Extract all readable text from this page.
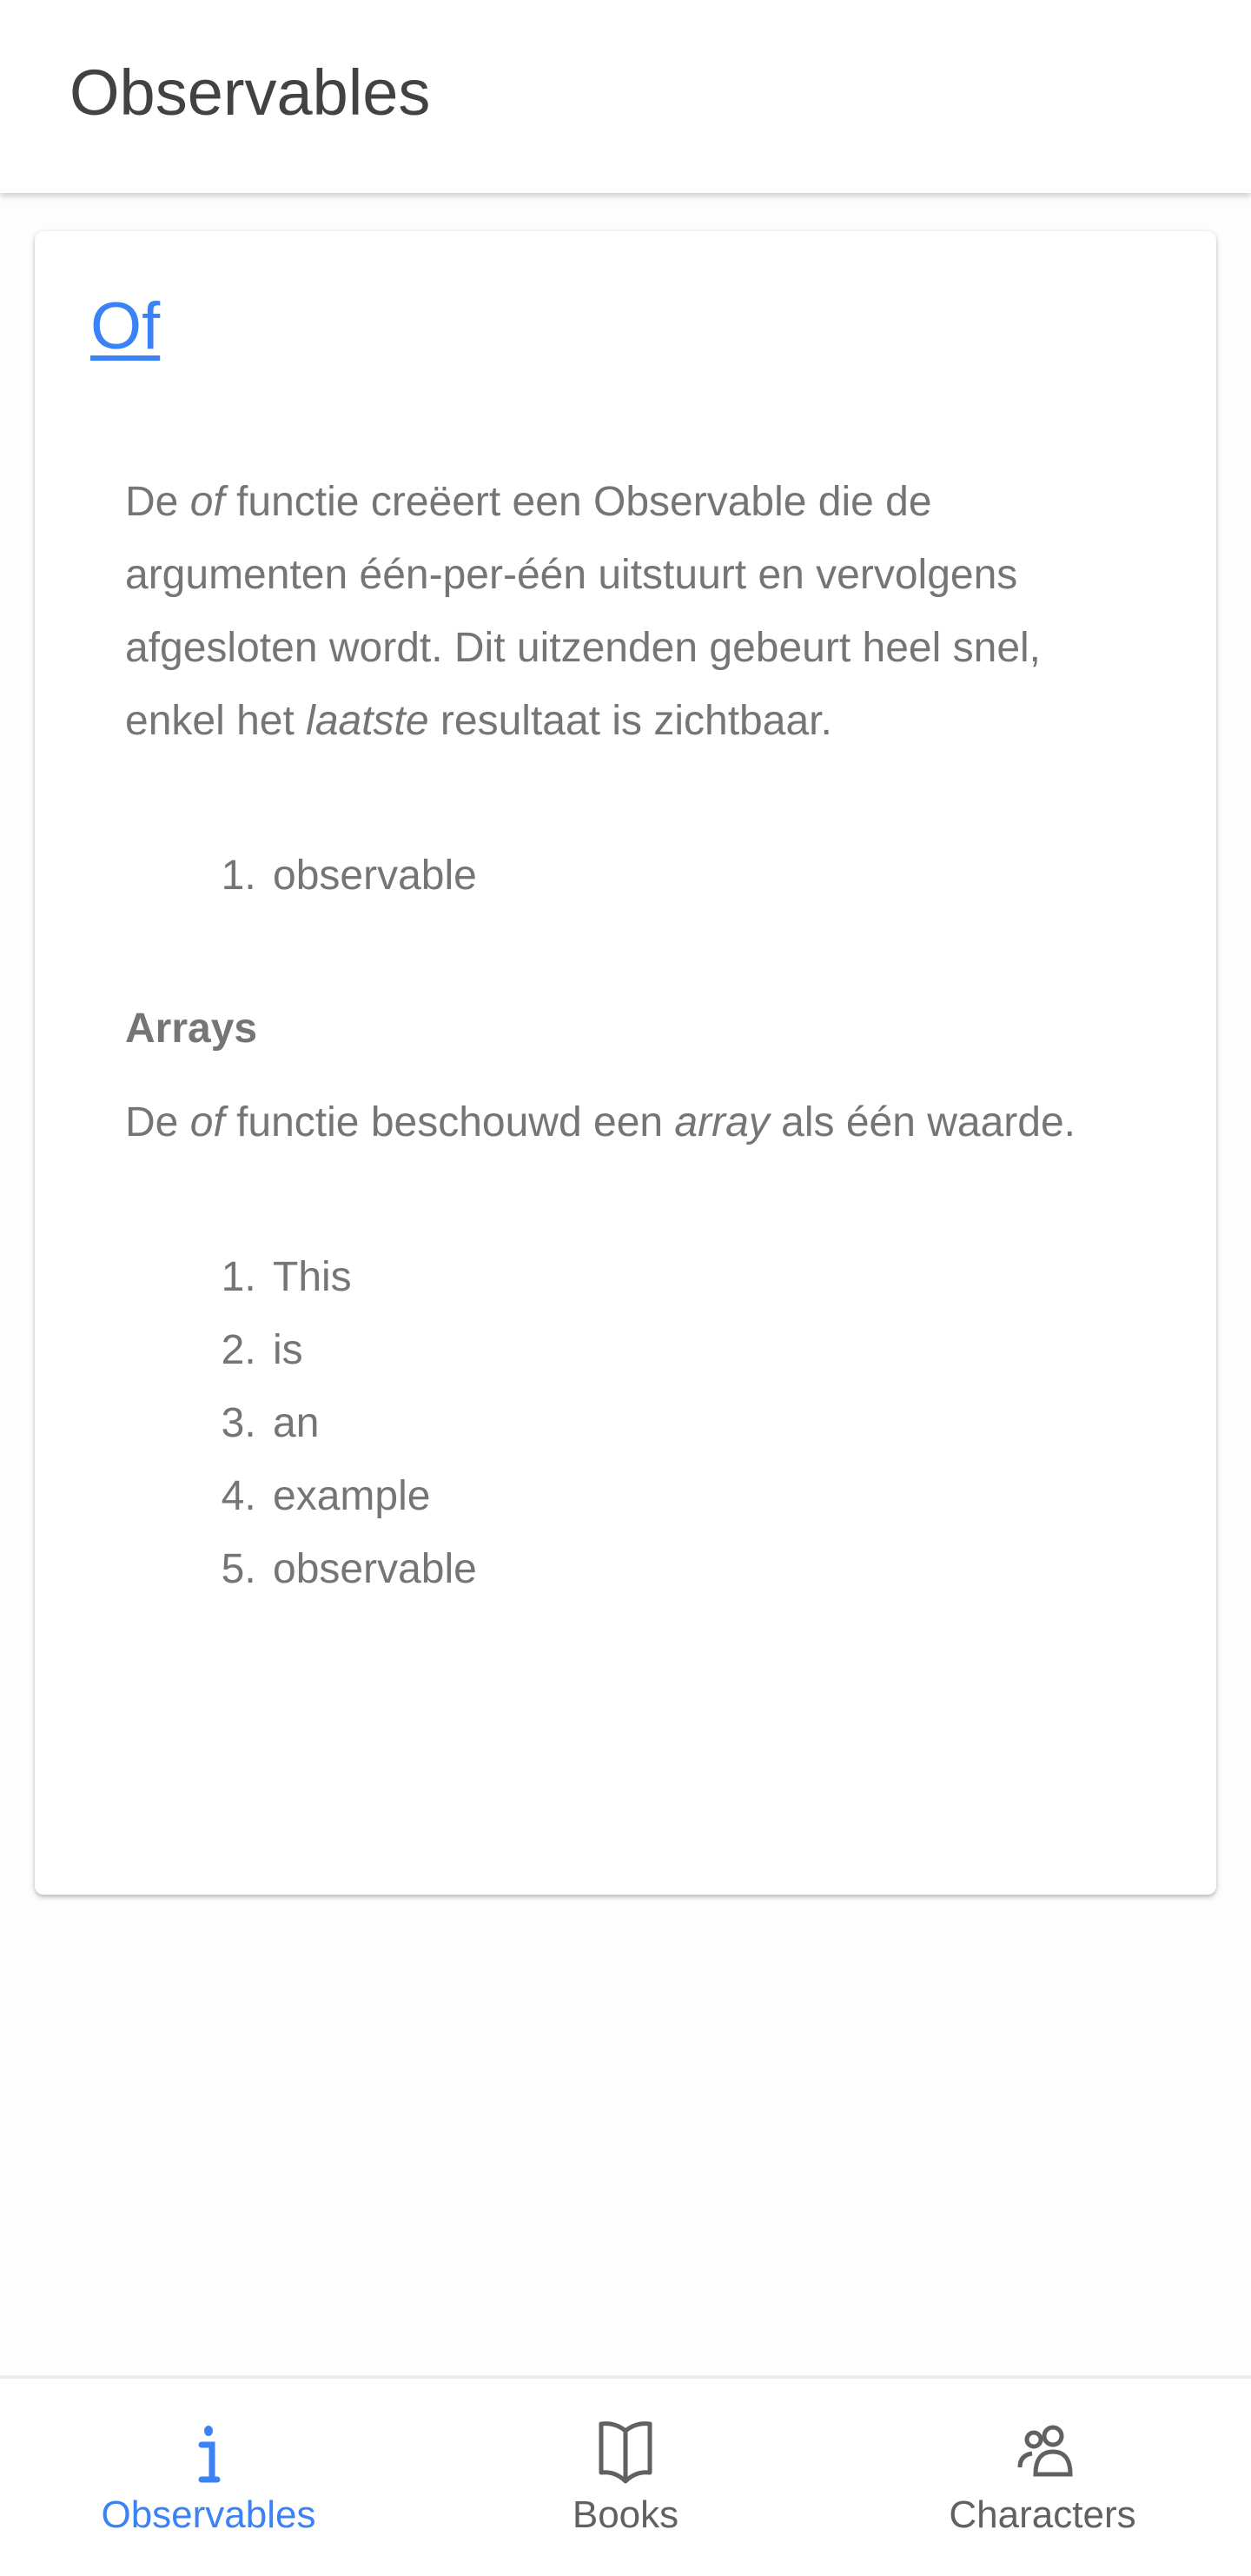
Observables
Of

De of functie creëert een Observable die de argumenten één-per-één uitstuurt en vervolgens afgesloten wordt. Dit uitzenden gebeurt heel snel, enkel het laatste resultaat is zichtbaar.

1. observable
Arrays

De of functie beschouwd een array als één waarde.

1. This
2. is
3. an
4. example
5. observable
Observables	Books	Characters
